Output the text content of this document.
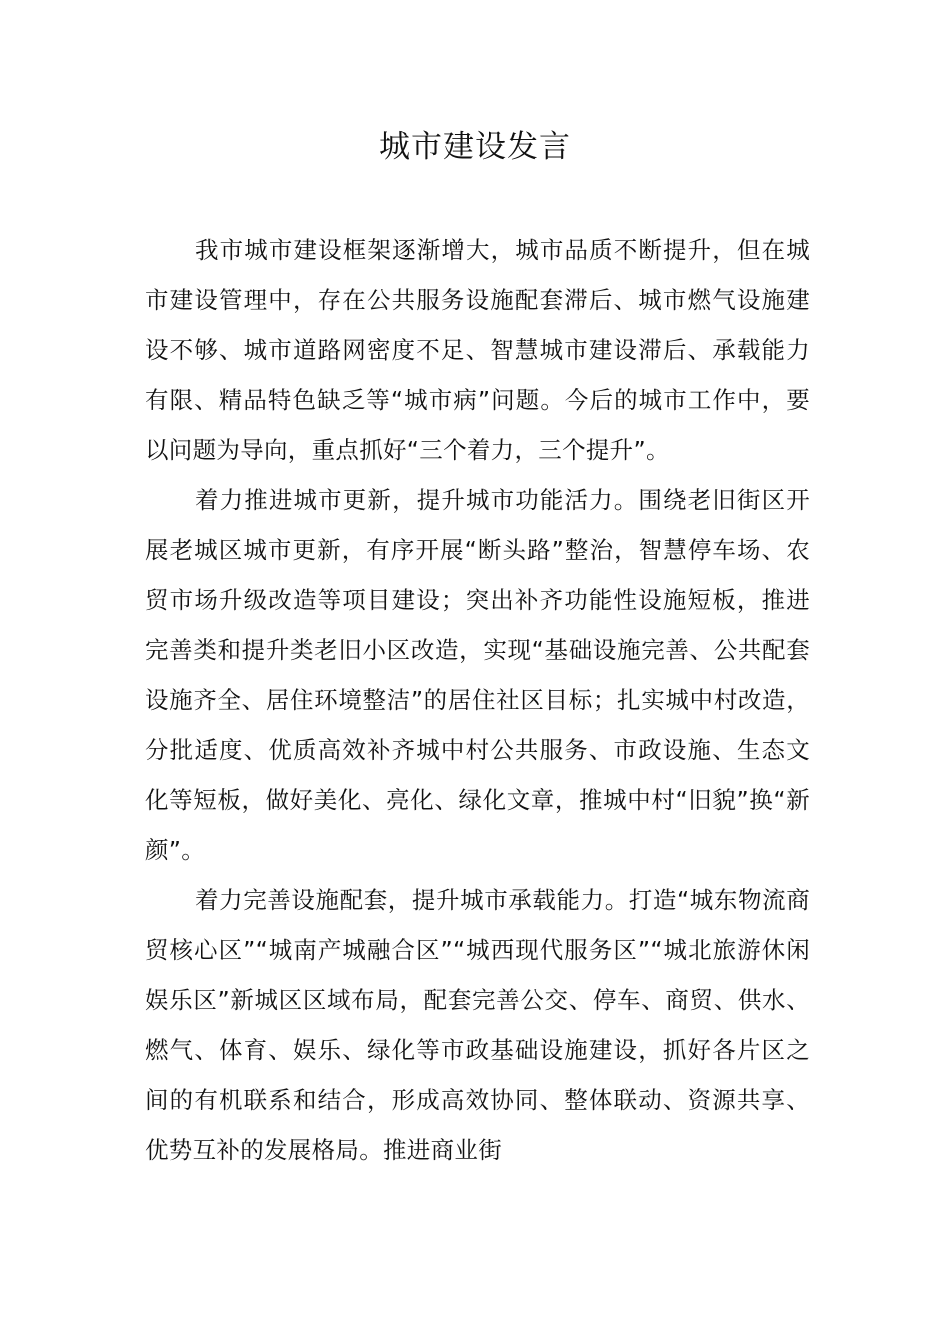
城市建设发言

我市城市建设框架逐渐增大，城市品质不断提升，但在城市建设管理中，存在公共服务设施配套滞后、城市燃气设施建设不够、城市道路网密度不足、智慧城市建设滞后、承载能力有限、精品特色缺乏等“城市病”问题。今后的城市工作中，要以问题为导向，重点抓好“三个着力，三个提升”。

着力推进城市更新，提升城市功能活力。围绕老旧街区开展老城区城市更新，有序开展“断头路”整治，智慧停车场、农贸市场升级改造等项目建设；突出补齐功能性设施短板，推进完善类和提升类老旧小区改造，实现“基础设施完善、公共配套设施齐全、居住环境整洁”的居住社区目标；扎实城中村改造，分批适度、优质高效补齐城中村公共服务、市政设施、生态文化等短板，做好美化、亮化、绿化文章，推城中村“旧貌”换“新颜”。

着力完善设施配套，提升城市承载能力。打造“城东物流商贸核心区”“城南产城融合区”“城西现代服务区”“城北旅游休闲娱乐区”新城区区域布局，配套完善公交、停车、商贸、供水、燃气、体育、娱乐、绿化等市政基础设施建设，抓好各片区之间的有机联系和结合，形成高效协同、整体联动、资源共享、优势互补的发展格局。推进商业街
